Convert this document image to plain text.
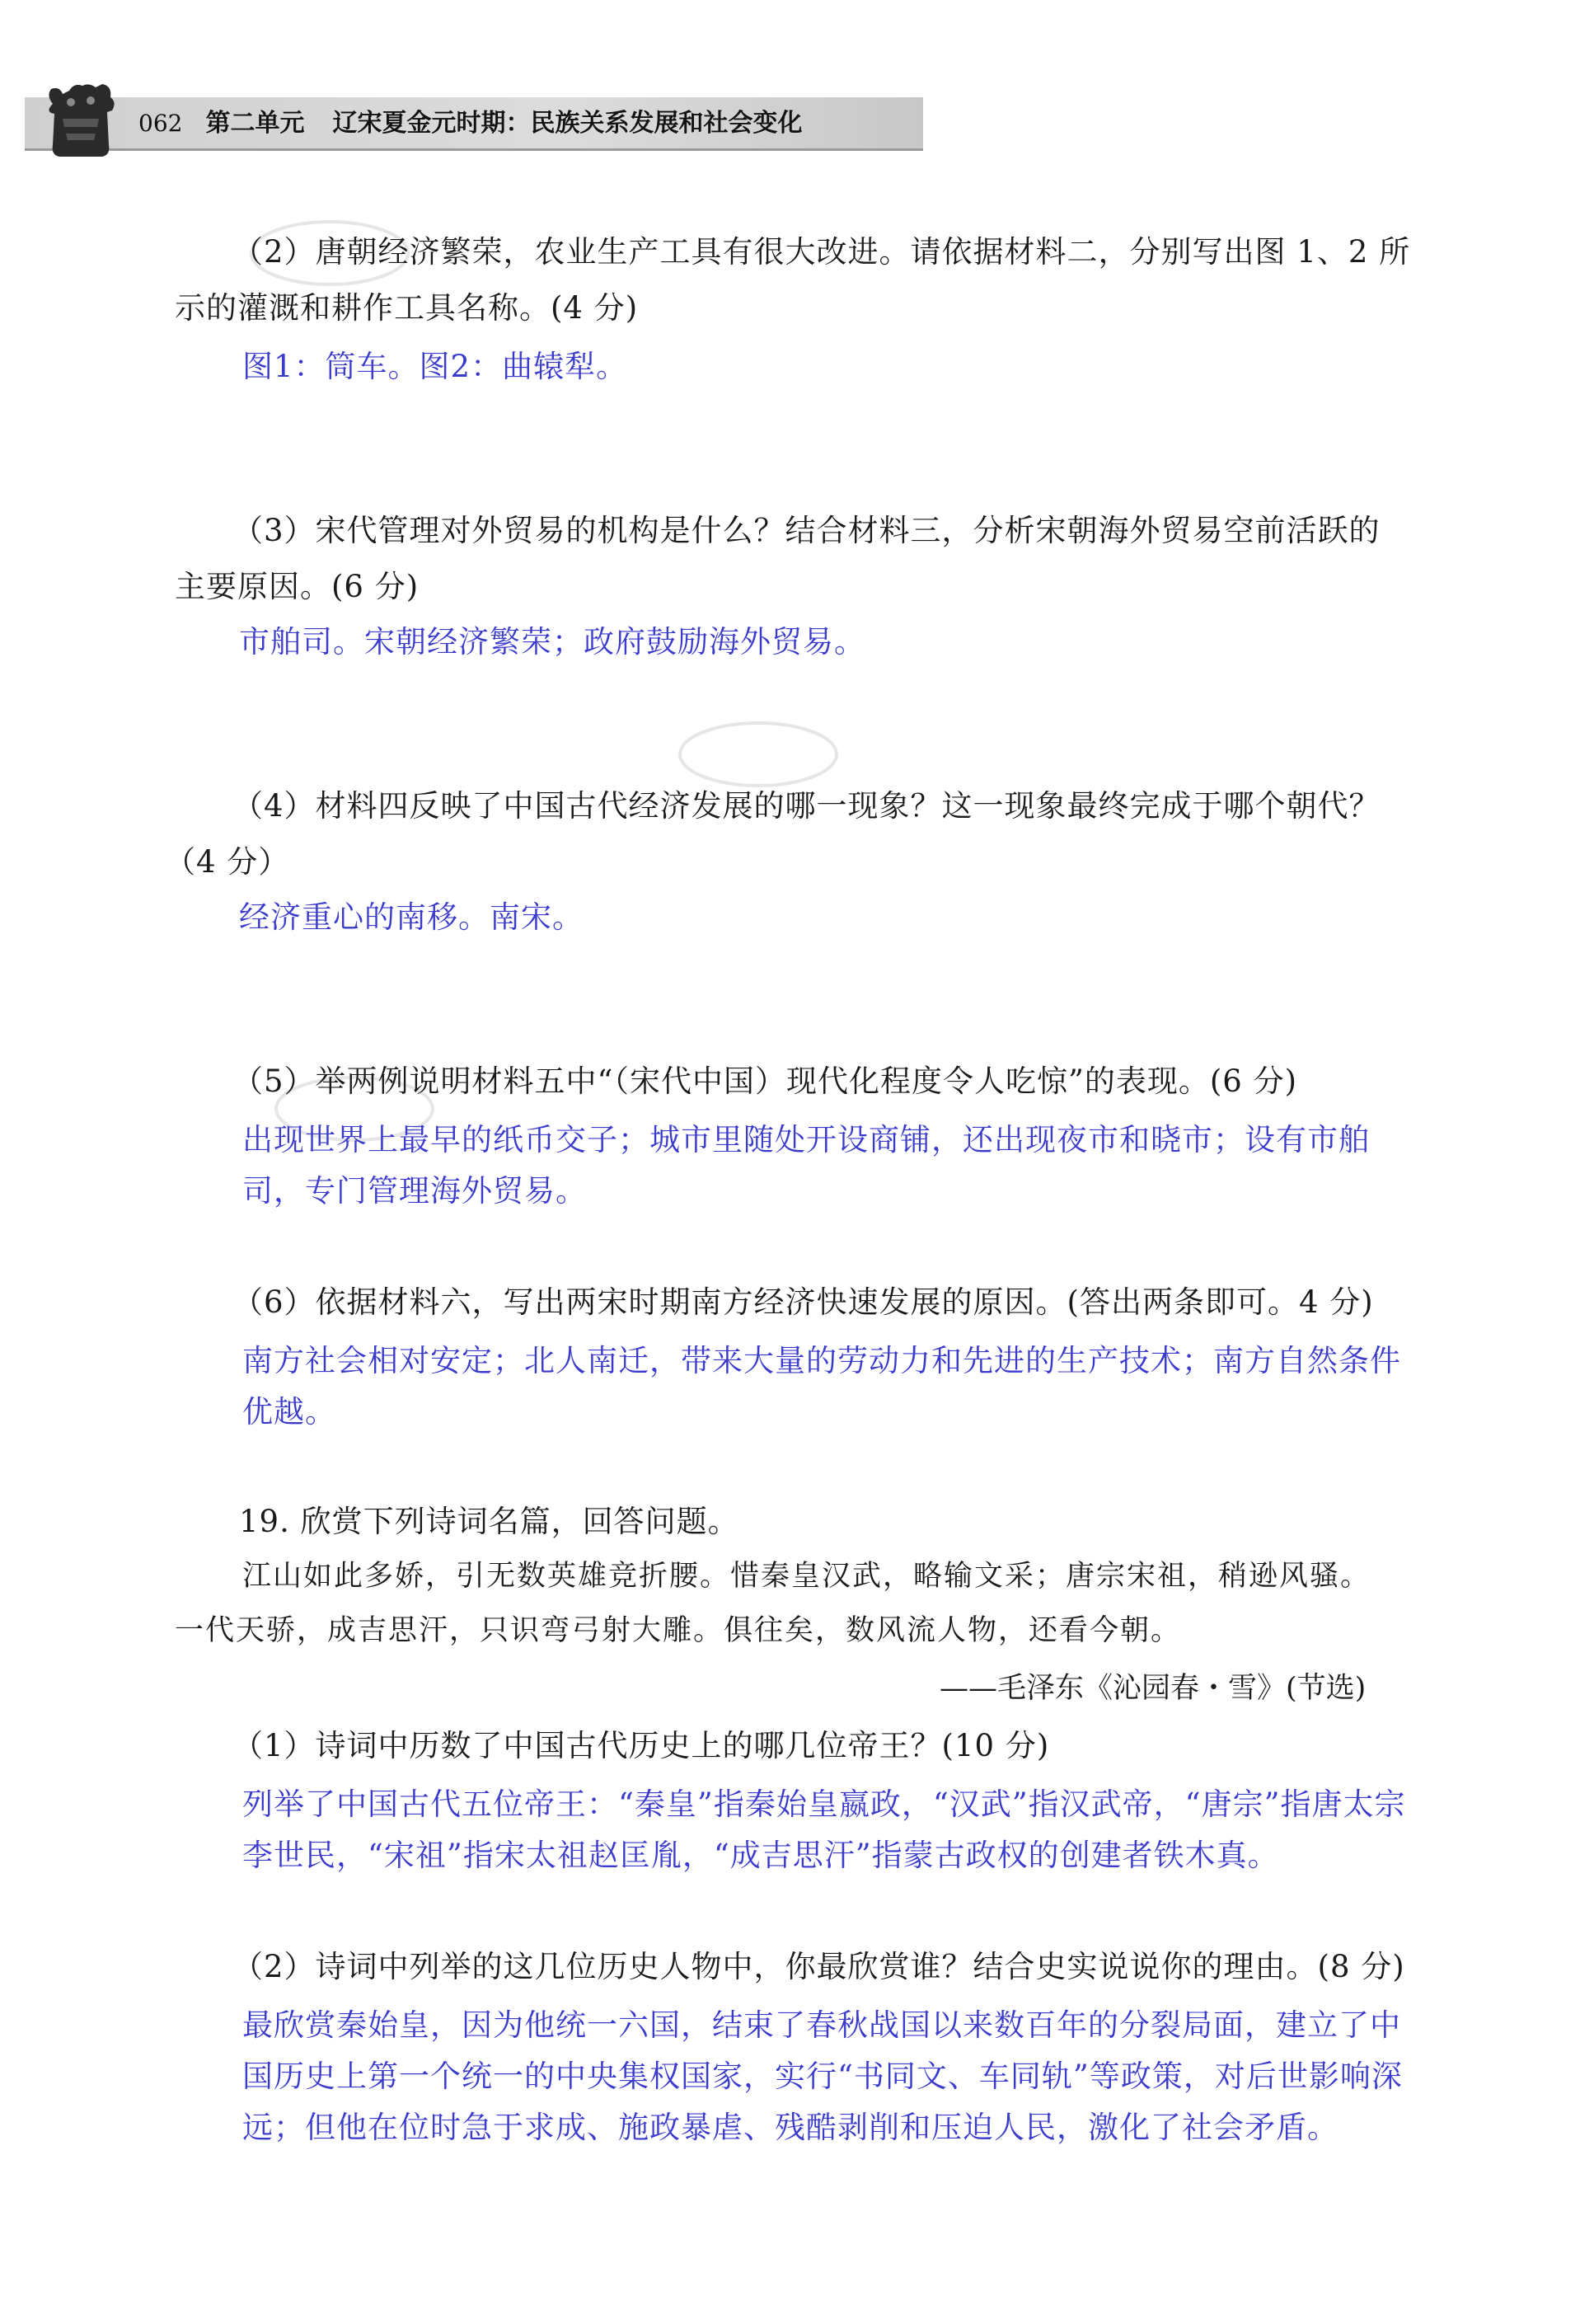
062 第二单元 辽宋夏金元时期：民族关系发展和社会变化
（2）唐朝经济繁荣，农业生产工具有很大改进。请依据材料二，分别写出图 1、2 所
示的灌溉和耕作工具名称。(4 分)
图1：筒车。图2：曲辕犁。
（3）宋代管理对外贸易的机构是什么？结合材料三，分析宋朝海外贸易空前活跃的
主要原因。(6 分)
市舶司。宋朝经济繁荣；政府鼓励海外贸易。
（4）材料四反映了中国古代经济发展的哪一现象？这一现象最终完成于哪个朝代？
（4 分）
经济重心的南移。南宋。
（5）举两例说明材料五中“（宋代中国）现代化程度令人吃惊”的表现。(6 分)
出现世界上最早的纸币交子；城市里随处开设商铺，还出现夜市和晓市；设有市舶
司，专门管理海外贸易。
（6）依据材料六，写出两宋时期南方经济快速发展的原因。(答出两条即可。4 分)
南方社会相对安定；北人南迁，带来大量的劳动力和先进的生产技术；南方自然条件
优越。
19. 欣赏下列诗词名篇，回答问题。
江山如此多娇，引无数英雄竞折腰。惜秦皇汉武，略输文采；唐宗宋祖，稍逊风骚。
一代天骄，成吉思汗，只识弯弓射大雕。俱往矣，数风流人物，还看今朝。
——毛泽东《沁园春・雪》(节选)
（1）诗词中历数了中国古代历史上的哪几位帝王？(10 分)
列举了中国古代五位帝王：“秦皇”指秦始皇嬴政，“汉武”指汉武帝，“唐宗”指唐太宗
李世民，“宋祖”指宋太祖赵匡胤，“成吉思汗”指蒙古政权的创建者铁木真。
（2）诗词中列举的这几位历史人物中，你最欣赏谁？结合史实说说你的理由。(8 分)
最欣赏秦始皇，因为他统一六国，结束了春秋战国以来数百年的分裂局面，建立了中
国历史上第一个统一的中央集权国家，实行“书同文、车同轨”等政策，对后世影响深
远；但他在位时急于求成、施政暴虐、残酷剥削和压迫人民，激化了社会矛盾。
